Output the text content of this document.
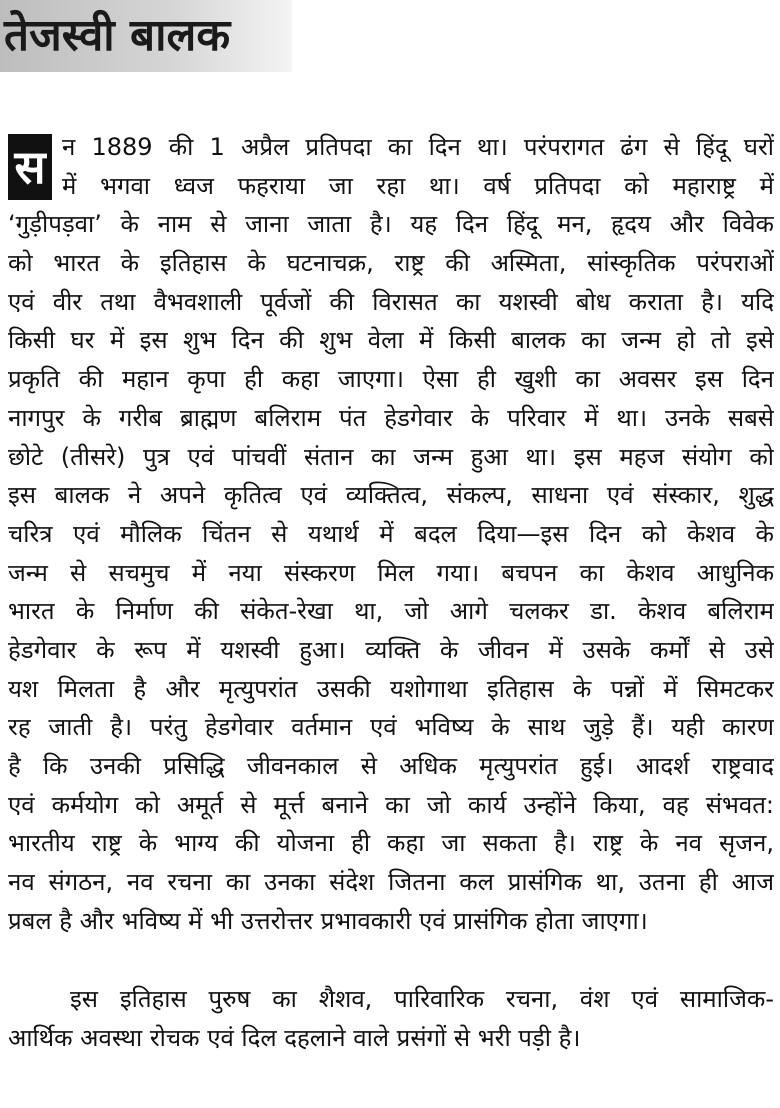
तेजस्वी बालक
स न 1889 की 1 अप्रैल प्रतिपदा का दिन था। परंपरागत ढंग से हिंदू घरों
में भगवा ध्वज फहराया जा रहा था। वर्ष प्रतिपदा को महाराष्ट्र में
‘गुड़ीपड़वा’ के नाम से जाना जाता है। यह दिन हिंदू मन, हृदय और विवेक
को भारत के इतिहास के घटनाचक्र, राष्ट्र की अस्मिता, सांस्कृतिक परंपराओं
एवं वीर तथा वैभवशाली पूर्वजों की विरासत का यशस्वी बोध कराता है। यदि
किसी घर में इस शुभ दिन की शुभ वेला में किसी बालक का जन्म हो तो इसे
प्रकृति की महान कृपा ही कहा जाएगा। ऐसा ही खुशी का अवसर इस दिन
नागपुर के गरीब ब्राह्मण बलिराम पंत हेडगेवार के परिवार में था। उनके सबसे
छोटे (तीसरे) पुत्र एवं पांचवीं संतान का जन्म हुआ था। इस महज संयोग को
इस बालक ने अपने कृतित्व एवं व्यक्तित्व, संकल्प, साधना एवं संस्कार, शुद्ध
चरित्र एवं मौलिक चिंतन से यथार्थ में बदल दिया—इस दिन को केशव के
जन्म से सचमुच में नया संस्करण मिल गया। बचपन का केशव आधुनिक
भारत के निर्माण की संकेत-रेखा था, जो आगे चलकर डा. केशव बलिराम
हेडगेवार के रूप में यशस्वी हुआ। व्यक्ति के जीवन में उसके कर्मों से उसे
यश मिलता है और मृत्युपरांत उसकी यशोगाथा इतिहास के पन्नों में सिमटकर
रह जाती है। परंतु हेडगेवार वर्तमान एवं भविष्य के साथ जुड़े हैं। यही कारण
है कि उनकी प्रसिद्धि जीवनकाल से अधिक मृत्युपरांत हुई। आदर्श राष्ट्रवाद
एवं कर्मयोग को अमूर्त से मूर्त्त बनाने का जो कार्य उन्होंने किया, वह संभवत:
भारतीय राष्ट्र के भाग्य की योजना ही कहा जा सकता है। राष्ट्र के नव सृजन,
नव संगठन, नव रचना का उनका संदेश जितना कल प्रासंगिक था, उतना ही आज
प्रबल है और भविष्य में भी उत्तरोत्तर प्रभावकारी एवं प्रासंगिक होता जाएगा।
इस इतिहास पुरुष का शैशव, पारिवारिक रचना, वंश एवं सामाजिक-
आर्थिक अवस्था रोचक एवं दिल दहलाने वाले प्रसंगों से भरी पड़ी है।
